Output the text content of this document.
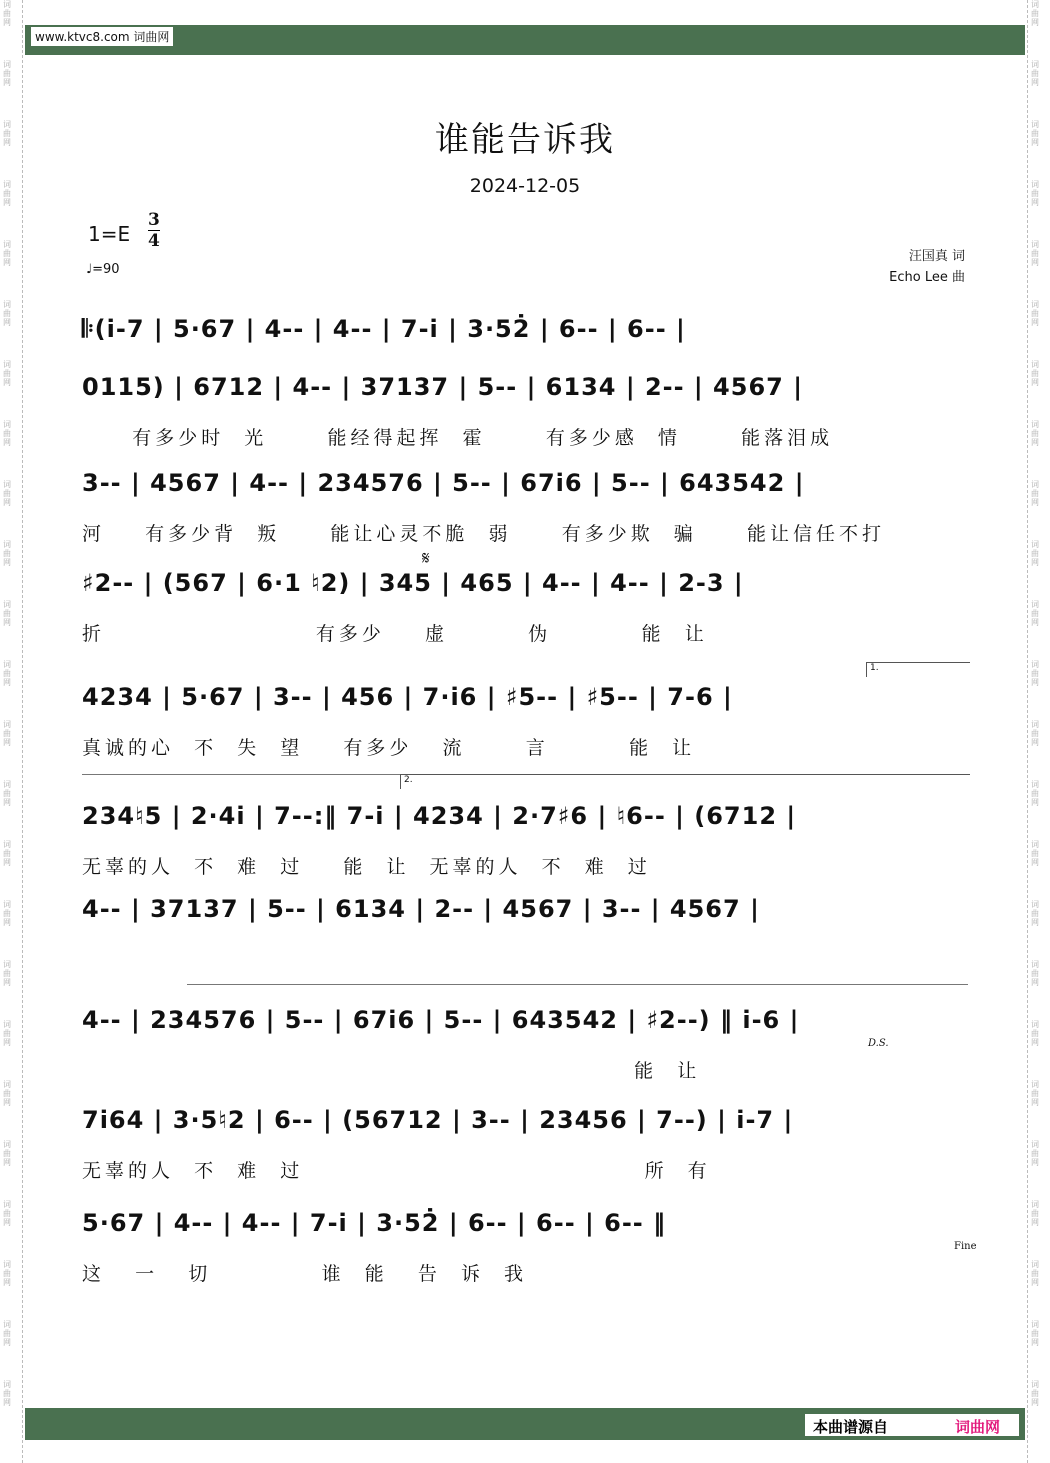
词曲网
词曲网
词曲网
词曲网
词曲网
词曲网
词曲网
词曲网
词曲网
词曲网
词曲网
词曲网
词曲网
词曲网
词曲网
词曲网
词曲网
词曲网
词曲网
词曲网
词曲网
词曲网
词曲网
词曲网
词曲网
词曲网
词曲网
词曲网
词曲网
词曲网
词曲网
词曲网
词曲网
词曲网
词曲网
词曲网
词曲网
词曲网
词曲网
词曲网
词曲网
词曲网
词曲网
词曲网
词曲网
词曲网
词曲网
词曲网
www.ktvc8.com 词曲网
谁能告诉我
2024-12-05
1=E
3
4
♩=90
汪国真 词
Echo Lee 曲
𝄆(i̇-7 | 5·67 | 4-- | 4-- | 7-i̇ | 3·52̇ | 6-- | 6-- |
0115) | 6712 | 4-- | 37137 | 5-- | 6134 | 2-- | 4567 |
有多少时  光      能经得起挥  霍      有多少感  情      能落泪成
3-- | 4567 | 4-- | 234576 | 5-- | 67i̇6 | 5-- | 643542 |
河    有多少背  叛     能让心灵不脆  弱     有多少欺  骗     能让信任不打
𝄋
♯2-- | (567 | 6·1 ♮2) | 345 | 465 | 4-- | 4-- | 2-3 |
折                     有多少    虚        伪         能  让
1.
4234 | 5·67 | 3-- | 456 | 7·i̇6 | ♯5-- | ♯5-- | 7-6 |
真诚的心  不  失  望    有多少   流      言        能  让
2.
234♮5 | 2·4i̇ | 7--:‖ 7-i̇ | 4234 | 2·7♯6 | ♮6-- | (6712 |
无辜的人  不  难  过    能  让  无辜的人  不  难  过
4-- | 37137 | 5-- | 6134 | 2-- | 4567 | 3-- | 4567 |
4-- | 234576 | 5-- | 67i̇6 | 5-- | 643542 | ♯2--) ‖ i̇-6 |
能  让
D.S.
7i̇64 | 3·5♮2 | 6-- | (56712 | 3-- | 23456 | 7--) | i̇-7 |
无辜的人  不  难  过                                  所  有
5·67 | 4-- | 4-- | 7-i̇ | 3·52̇ | 6-- | 6-- | 6-- ‖
这   一   切           谁  能   告  诉  我
Fine
本曲谱源自	词曲网
